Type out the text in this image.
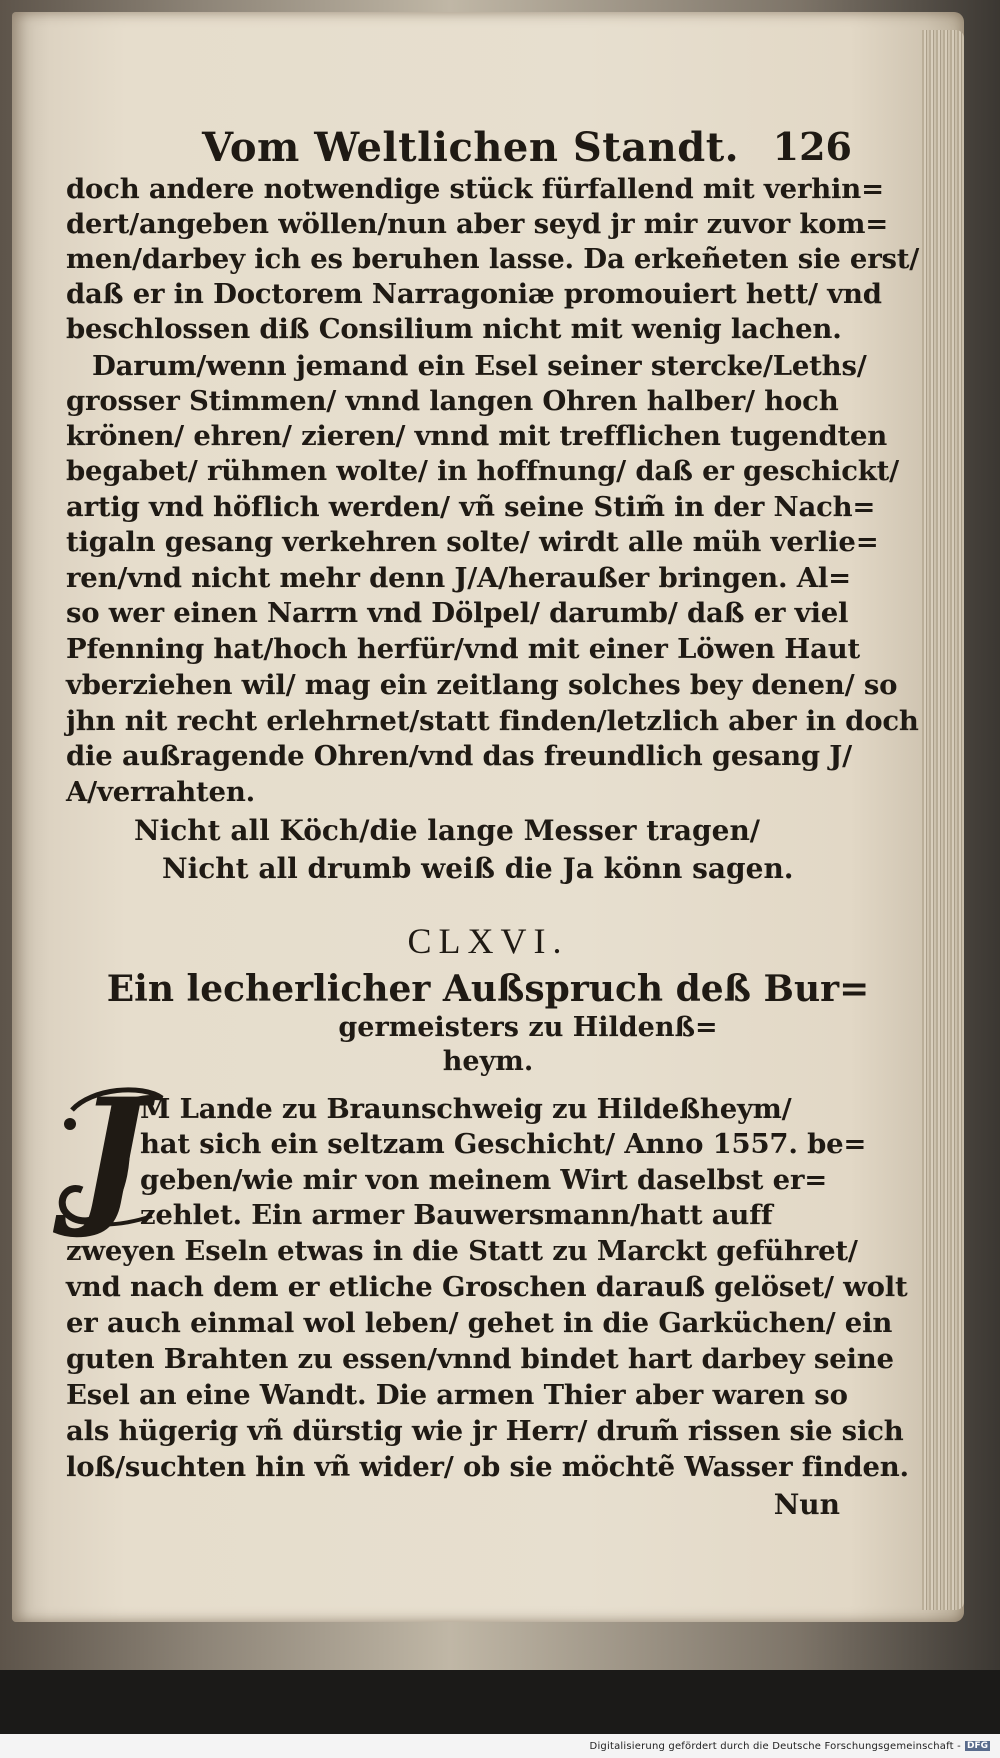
Vom Weltlichen Standt. 126
doch andere notwendige stück fürfallend mit verhin=
dert/angeben wöllen/nun aber seyd jr mir zuvor kom=
men/darbey ich es beruhen lasse. Da erkeñeten sie erst/
daß er in Doctorem Narragoniæ promouiert hett/ vnd
beschlossen diß Consilium nicht mit wenig lachen.
Darum/wenn jemand ein Esel seiner stercke/Leths/
grosser Stimmen/ vnnd langen Ohren halber/ hoch
krönen/ ehren/ zieren/ vnnd mit trefflichen tugendten
begabet/ rühmen wolte/ in hoffnung/ daß er geschickt/
artig vnd höflich werden/ vñ seine Stim̃ in der Nach=
tigaln gesang verkehren solte/ wirdt alle müh verlie=
ren/vnd nicht mehr denn J/A/heraußer bringen. Al=
so wer einen Narrn vnd Dölpel/ darumb/ daß er viel
Pfenning hat/hoch herfür/vnd mit einer Löwen Haut
vberziehen wil/ mag ein zeitlang solches bey denen/ so
jhn nit recht erlehrnet/statt finden/letzlich aber in doch
die außragende Ohren/vnd das freundlich gesang J/
A/verrahten.
Nicht all Köch/die lange Messer tragen/
Nicht all drumb weiß die Ja könn sagen.
CLXVI.
Ein lecherlicher Außspruch deß Bur=
germeisters zu Hildenß=
heym.
J
M Lande zu Braunschweig zu Hildeßheym/
hat sich ein seltzam Geschicht/ Anno 1557. be=
geben/wie mir von meinem Wirt daselbst er=
zehlet. Ein armer Bauwersmann/hatt auff
zweyen Eseln etwas in die Statt zu Marckt geführet/
vnd nach dem er etliche Groschen darauß gelöset/ wolt
er auch einmal wol leben/ gehet in die Garküchen/ ein
guten Brahten zu essen/vnnd bindet hart darbey seine
Esel an eine Wandt. Die armen Thier aber waren so
als hügerig vñ dürstig wie jr Herr/ drum̃ rissen sie sich
loß/suchten hin vñ wider/ ob sie möchtẽ Wasser finden.
Nun
Digitalisierung gefördert durch die Deutsche Forschungsgemeinschaft - DFG
